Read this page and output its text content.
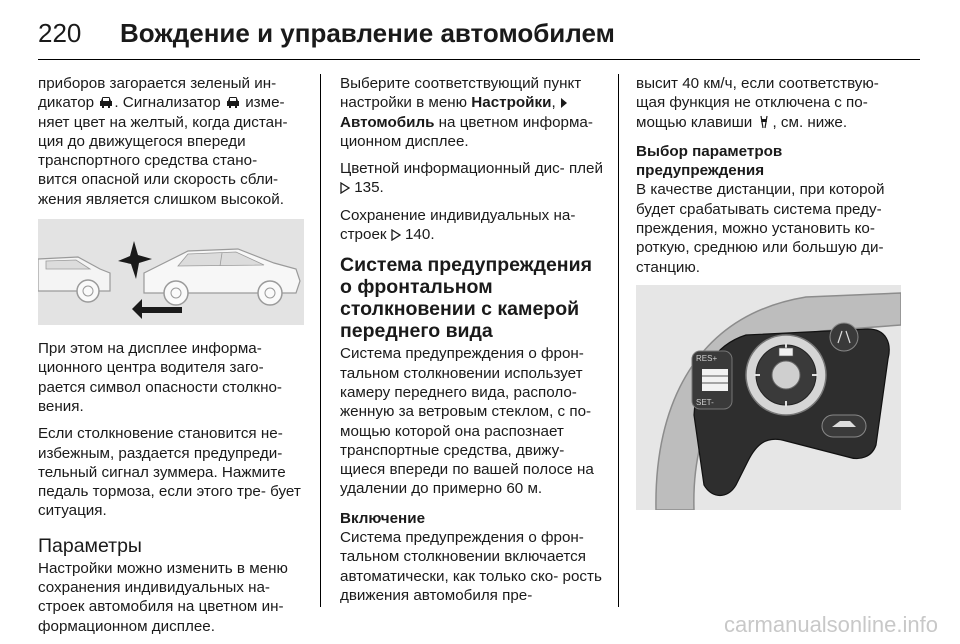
220 Вождение и управление автомобилем

приборов загорается зеленый ин-
дикатор . Сигнализатор изме-
няет цвет на желтый, когда дистан-
ция до движущегося впереди
транспортного средства стано-
вится опасной или скорость сбли-
жения является слишком высокой.

При этом на дисплее информа- ционного центра водителя заго- рается символ опасности столкно- вения.

Если столкновение становится не- избежным, раздается предупреди- тельный сигнал зуммера. Нажмите педаль тормоза, если этого тре- бует ситуация.

Параметры

Настройки можно изменить в меню сохранения индивидуальных на- строек автомобиля на цветном ин- формационном дисплее.

Выберите соответствующий пункт настройки в меню Настройки,
Автомобиль на цветном информа- ционном дисплее.

Цветной информационный дис- плей  135.

Сохранение индивидуальных на- строек  140.

Система предупреждения о фронтальном столкновении с камерой переднего вида

Система предупреждения о фрон- тальном столкновении использует камеру переднего вида, располо- женную за ветровым стеклом, с по- мощью которой она распознает транспортные средства, движу- щиеся впереди по вашей полосе на удалении до примерно 60 м.

Включение

Система предупреждения о фрон- тальном столкновении включается автоматически, как только ско- рость движения автомобиля пре-

высит 40 км/ч, если соответствую- щая функция не отключена с по- мощью клавиши , см. ниже.

Выбор параметров предупреждения

В качестве дистанции, при которой будет срабатывать система преду- преждения, можно установить ко- роткую, среднюю или большую ди- станцию.

RES+
SET-
carmanualsonline.info
